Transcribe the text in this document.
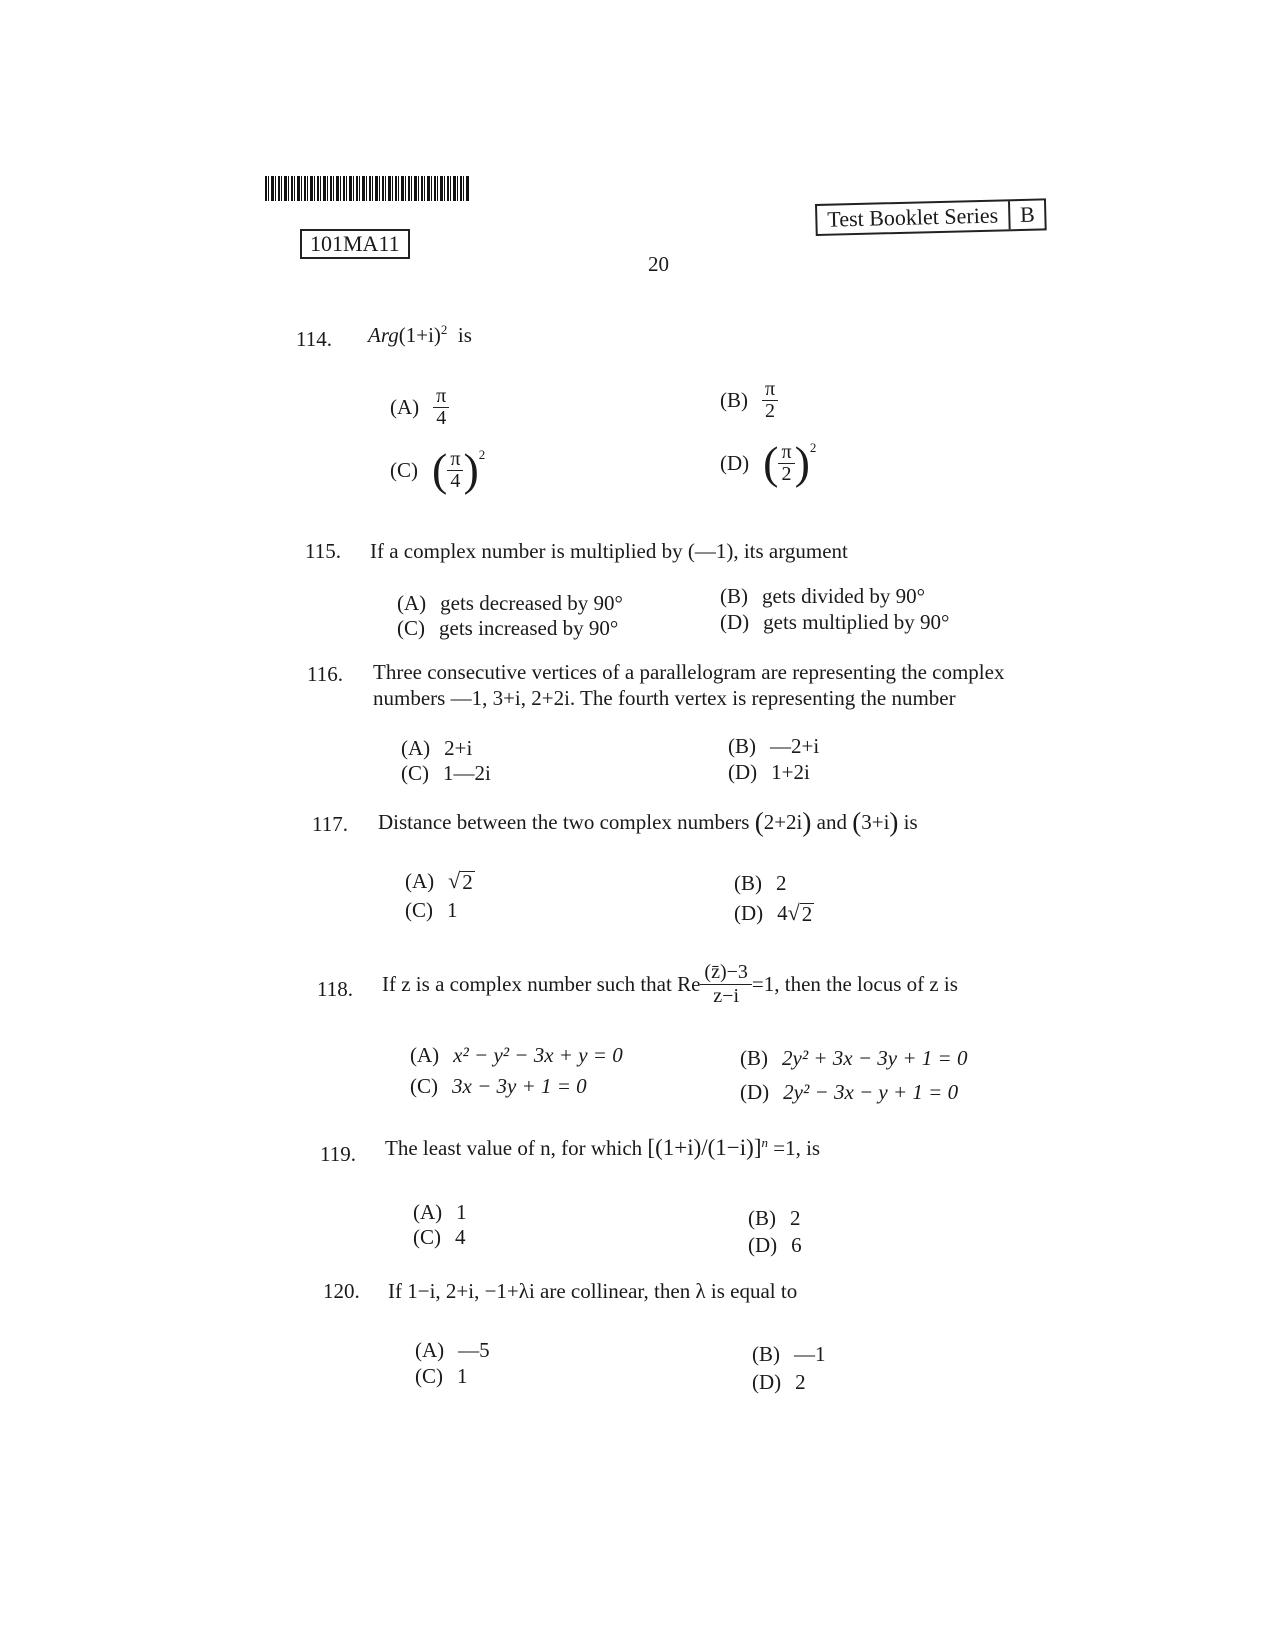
101MA11
Test Booklet Series B
20
114. $Arg(1+i)^2$ is
$(A) \frac{\pi}{4}$	$(B) \frac{\pi}{2}$
(C) ( $\frac{\pi}{4}$ ) 2	(D) ( $\frac{\pi}{2}$ ) 2
115. If a complex number is multiplied by (—1), its argument
(A) gets decreased by 90°	(B) gets divided by 90°
(C) gets increased by 90°	(D) gets multiplied by 90°
116. Three consecutive vertices of a parallelogram are representing the complex
numbers —1, 3+i, 2+2i. The fourth vertex is representing the number
(A) 2+i	(B) —2+i
(C) 1—2i	(D) 1+2i
117. Distance between the two complex numbers (2+2i) and (3+i) is
(A) √ 2	(B) 2
(C) 1	(D) 4 √ 2
118. If z is a complex number such that Re $\frac{(z̄)-3}{z-i} =1$, then the locus of z is
(A) x² − y² − 3x + y = 0	(B) 2y² + 3x − 3y + 1 = 0
(C) 3x − 3y + 1 = 0	(D) 2y² − 3x − y + 1 = 0
119. The least value of n, for which $[(1+i)/(1-i)]^n =1$, is
(A) 1	(B) 2
(C) 4	(D) 6
120. If 1−i, 2+i, −1+λi are collinear, then λ is equal to
(A) —5	(B) —1
(C) 1	(D) 2
